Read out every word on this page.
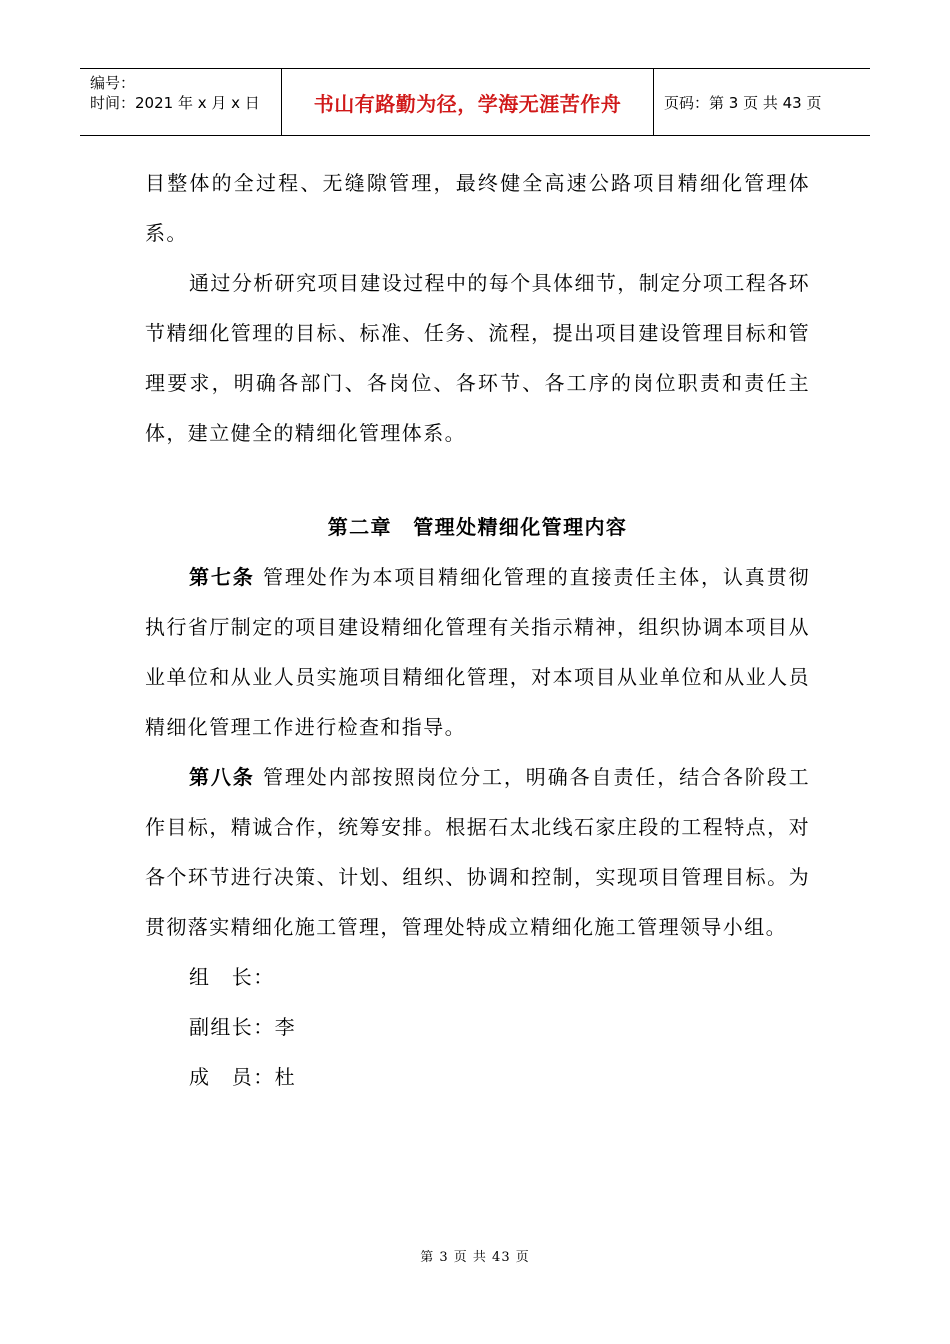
编号：
时间：2021 年 x 月 x 日	书山有路勤为径，学海无涯苦作舟	页码：第 3 页 共 43 页

目整体的全过程、无缝隙管理，最终健全高速公路项目精细化管理体系。

通过分析研究项目建设过程中的每个具体细节，制定分项工程各环节精细化管理的目标、标准、任务、流程，提出项目建设管理目标和管理要求，明确各部门、各岗位、各环节、各工序的岗位职责和责任主体，建立健全的精细化管理体系。

第二章　管理处精细化管理内容

第七条 管理处作为本项目精细化管理的直接责任主体，认真贯彻执行省厅制定的项目建设精细化管理有关指示精神，组织协调本项目从业单位和从业人员实施项目精细化管理，对本项目从业单位和从业人员精细化管理工作进行检查和指导。

第八条 管理处内部按照岗位分工，明确各自责任，结合各阶段工作目标，精诚合作，统筹安排。根据石太北线石家庄段的工程特点，对各个环节进行决策、计划、组织、协调和控制，实现项目管理目标。为贯彻落实精细化施工管理，管理处特成立精细化施工管理领导小组。

组　长：

副组长：李

成　员：杜

第 3 页 共 43 页
